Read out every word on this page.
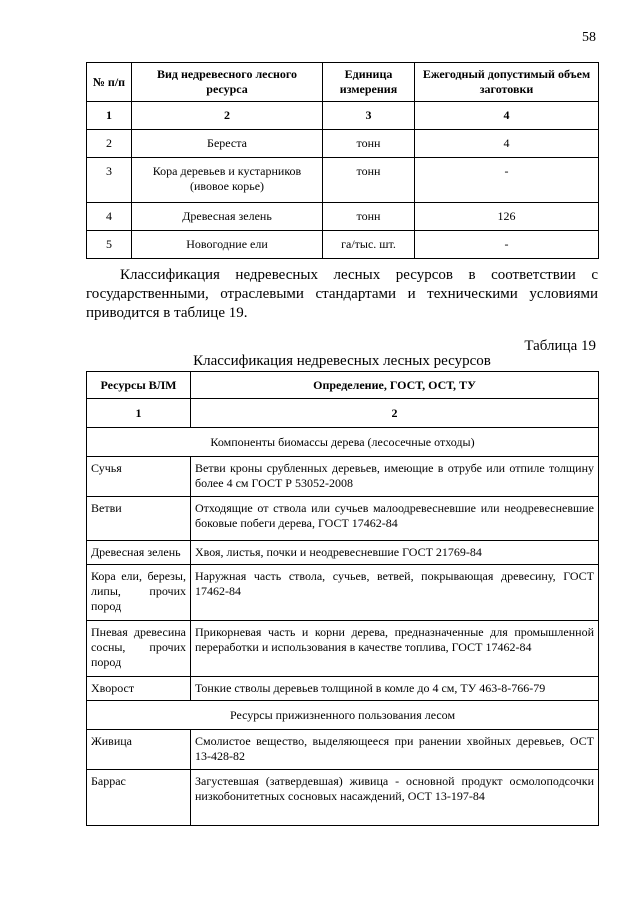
58
№ п/п	Вид недревесного лесного ресурса	Единица измерения	Ежегодный допустимый объем заготовки
1	2	3	4
2	Береста	тонн	4
3	Кора деревьев и кустарников (ивовое корье)	тонн	-
4	Древесная зелень	тонн	126
5	Новогодние ели	га/тыс. шт.	-

Классификация недревесных лесных ресурсов в соответствии с государственными, отраслевыми стандартами и техническими условиями приводится в таблице 19.

Таблица 19
Классификация недревесных лесных ресурсов
Ресурсы ВЛМ	Определение, ГОСТ, ОСТ, ТУ
1	2
Компоненты биомассы дерева (лесосечные отходы)	
Сучья	Ветви кроны срубленных деревьев, имеющие в отрубе или отпиле толщину более 4 см ГОСТ Р 53052-2008
Ветви	Отходящие от ствола или сучьев малоодревесневшие или неодревесневшие боковые побеги дерева, ГОСТ 17462-84
Древесная зелень	Хвоя, листья, почки и неодревесневшие ГОСТ 21769-84
Кора ели, березы, липы, прочих пород	Наружная часть ствола, сучьев, ветвей, покрывающая древесину, ГОСТ 17462-84
Пневая древесина сосны, прочих пород	Прикорневая часть и корни дерева, предназначенные для промышленной переработки и использования в качестве топлива, ГОСТ 17462-84
Хворост	Тонкие стволы деревьев толщиной в комле до 4 см, ТУ 463-8-766-79
Ресурсы прижизненного пользования лесом	
Живица	Смолистое вещество, выделяющееся при ранении хвойных деревьев, ОСТ 13-428-82
Баррас	Загустевшая (затвердевшая) живица - основной продукт осмолоподсочки низкобонитетных сосновых насаждений, ОСТ 13-197-84
